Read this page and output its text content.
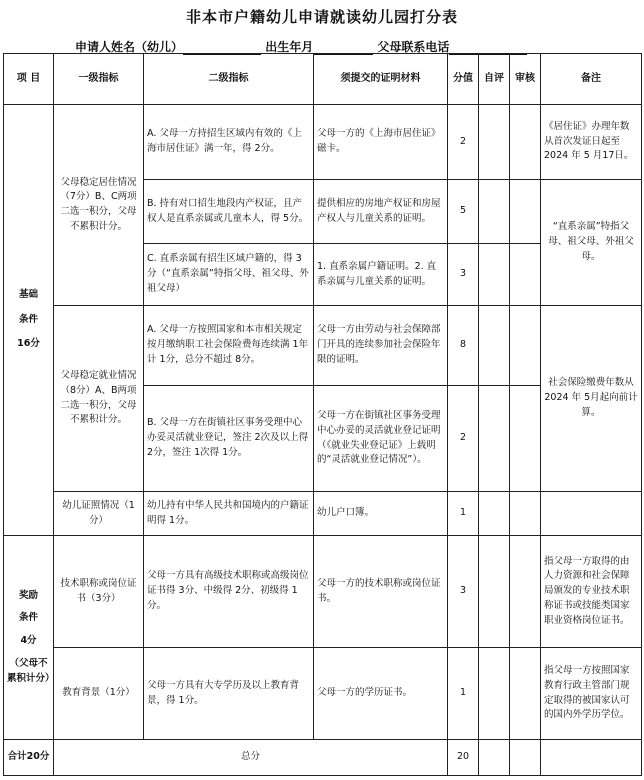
非本市户籍幼儿申请就读幼儿园打分表
申请人姓名（幼儿）	出生年月	父母联系电话
项 目	一级指标	二级指标	须提交的证明材料	分值	自评	审核	备注

基础
条件
16分	父母稳定居住情况（7分）B、C两项二选一积分，父母不累积计分。	A. 父母一方持招生区域内有效的《上海市居住证》满一年，得 2分。	父母一方的《上海市居住证》磁卡。	2			《居住证》办理年数从首次发证日起至 2024 年 5 月17日。
		B. 持有对口招生地段内产权证，且产权人是直系亲属或儿童本人，得 5分。	提供相应的房地产权证和房屋产权人与儿童关系的证明。	5			“直系亲属”特指父母、祖父母、外祖父母。
		C. 直系亲属有招生区域户籍的，得 3分（“直系亲属”特指父母、祖父母、外祖父母）	1. 直系亲属户籍证明。2. 直系亲属与儿童关系的证明。	3			
	父母稳定就业情况（8分）A、B两项二选一积分，父母不累积计分。	A. 父母一方按照国家和本市相关规定按月缴纳职工社会保险费每连续满 1年计 1分，总分不超过 8分。	父母一方由劳动与社会保障部门开具的连续参加社会保险年限的证明。	8			社会保险缴费年数从 2024 年 5月起向前计算。
		B. 父母一方在街镇社区事务受理中心办妥灵活就业登记，签注 2次及以上得 2分，签注 1次得 1分。	父母一方在街镇社区事务受理中心办妥的灵活就业登记证明（《就业失业登记证》上载明的“灵活就业登记情况”）。	2			
	幼儿证照情况（1分）	幼儿持有中华人民共和国境内的户籍证明得 1分。	幼儿户口簿。	1			

奖励
条件
4分
（父母不累积计分）	技术职称或岗位证书（3分）	父母一方具有高级技术职称或高级岗位证书得 3分、中级得 2分、初级得 1分。	父母一方的技术职称或岗位证书。	3			指父母一方取得的由人力资源和社会保障局颁发的专业技术职称证书或技能类国家职业资格岗位证书。
	教育背景（1分）	父母一方具有大专学历及以上教育背景，得 1分。	父母一方的学历证书。	1			指父母一方按照国家教育行政主管部门规定取得的被国家认可的国内外学历学位。
合计20分	总分			20			
